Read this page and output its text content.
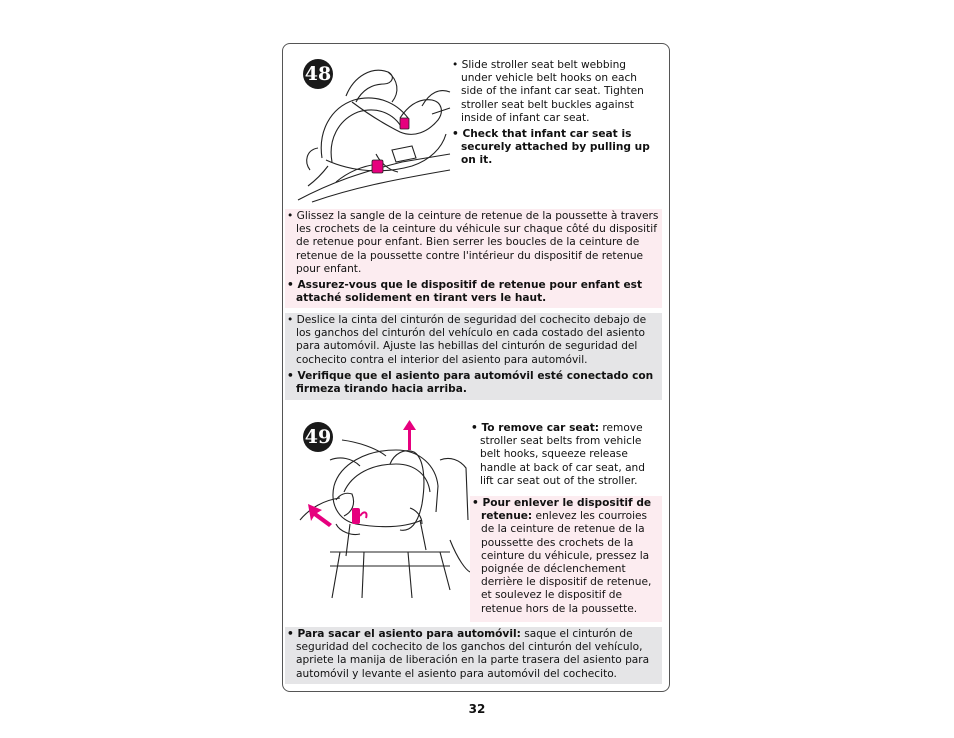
48	• Slide stroller seat belt webbing under vehicle belt hooks on each side of the infant car seat. Tighten stroller seat belt buckles against inside of infant car seat.

• Check that infant car seat is securely attached by pulling up on it.

• Glissez la sangle de la ceinture de retenue de la poussette à travers les crochets de la ceinture du véhicule sur chaque côté du dispositif de retenue pour enfant. Bien serrer les boucles de la ceinture de retenue de la poussette contre l'intérieur du dispositif de retenue pour enfant.

• Assurez-vous que le dispositif de retenue pour enfant est attaché solidement en tirant vers le haut.

• Deslice la cinta del cinturón de seguridad del cochecito debajo de los ganchos del cinturón del vehículo en cada costado del asiento para automóvil. Ajuste las hebillas del cinturón de seguridad del cochecito contra el interior del asiento para automóvil.

• Verifique que el asiento para automóvil esté conectado con firmeza tirando hacia arriba.

49	• To remove car seat: remove stroller seat belts from vehicle belt hooks, squeeze release handle at back of car seat, and lift car seat out of the stroller.

• Pour enlever le dispositif de retenue: enlevez les courroies de la ceinture de retenue de la poussette des crochets de la ceinture du véhicule, pressez la poignée de déclenchement derrière le dispositif de retenue, et soulevez le dispositif de retenue hors de la poussette.

• Para sacar el asiento para automóvil: saque el cinturón de seguridad del cochecito de los ganchos del cinturón del vehículo, apriete la manija de liberación en la parte trasera del asiento para automóvil y levante el asiento para automóvil del cochecito.

32
